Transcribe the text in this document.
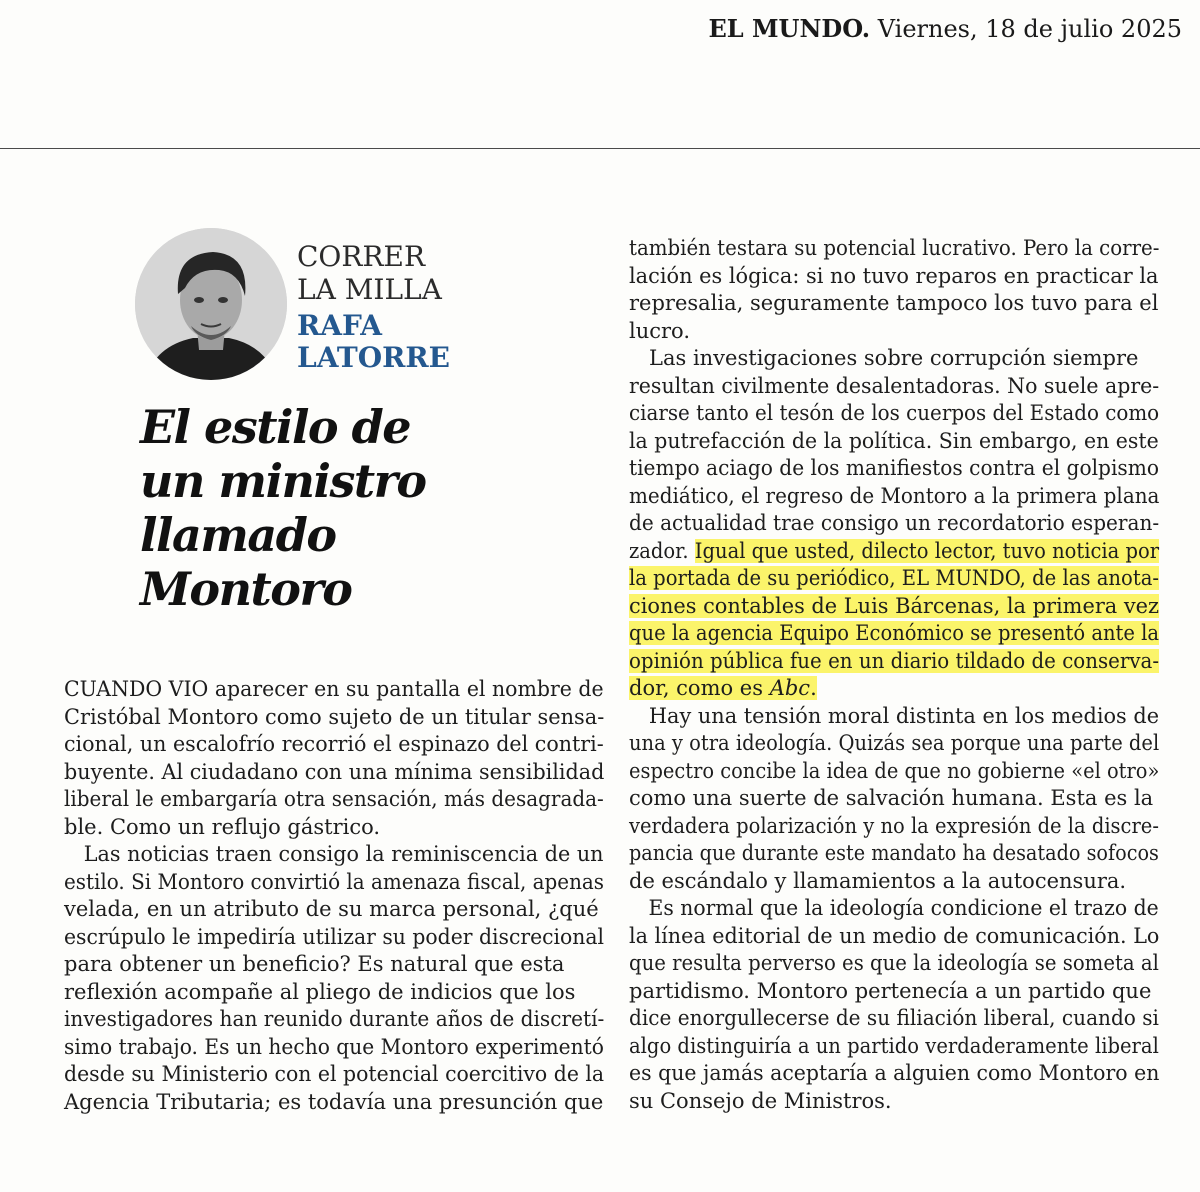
EL MUNDO. Viernes, 18 de julio 2025
CORRER
LA MILLA
RAFA
LATORRE
El estilo de
un ministro
llamado
Montoro
CUANDO VIO aparecer en su pantalla el nombre de
Cristóbal Montoro como sujeto de un titular sensa-
cional, un escalofrío recorrió el espinazo del contri-
buyente. Al ciudadano con una mínima sensibilidad
liberal le embargaría otra sensación, más desagrada-
ble. Como un reflujo gástrico.
Las noticias traen consigo la reminiscencia de un
estilo. Si Montoro convirtió la amenaza fiscal, apenas
velada, en un atributo de su marca personal, ¿qué
escrúpulo le impediría utilizar su poder discrecional
para obtener un beneficio? Es natural que esta
reflexión acompañe al pliego de indicios que los
investigadores han reunido durante años de discretí-
simo trabajo. Es un hecho que Montoro experimentó
desde su Ministerio con el potencial coercitivo de la
Agencia Tributaria; es todavía una presunción que
también testara su potencial lucrativo. Pero la corre-
lación es lógica: si no tuvo reparos en practicar la
represalia, seguramente tampoco los tuvo para el
lucro.
Las investigaciones sobre corrupción siempre
resultan civilmente desalentadoras. No suele apre-
ciarse tanto el tesón de los cuerpos del Estado como
la putrefacción de la política. Sin embargo, en este
tiempo aciago de los manifiestos contra el golpismo
mediático, el regreso de Montoro a la primera plana
de actualidad trae consigo un recordatorio esperan-
zador. Igual que usted, dilecto lector, tuvo noticia por
la portada de su periódico, EL MUNDO, de las anota-
ciones contables de Luis Bárcenas, la primera vez
que la agencia Equipo Económico se presentó ante la
opinión pública fue en un diario tildado de conserva-
dor, como es Abc.
Hay una tensión moral distinta en los medios de
una y otra ideología. Quizás sea porque una parte del
espectro concibe la idea de que no gobierne «el otro»
como una suerte de salvación humana. Esta es la
verdadera polarización y no la expresión de la discre-
pancia que durante este mandato ha desatado sofocos
de escándalo y llamamientos a la autocensura.
Es normal que la ideología condicione el trazo de
la línea editorial de un medio de comunicación. Lo
que resulta perverso es que la ideología se someta al
partidismo. Montoro pertenecía a un partido que
dice enorgullecerse de su filiación liberal, cuando si
algo distinguiría a un partido verdaderamente liberal
es que jamás aceptaría a alguien como Montoro en
su Consejo de Ministros.
